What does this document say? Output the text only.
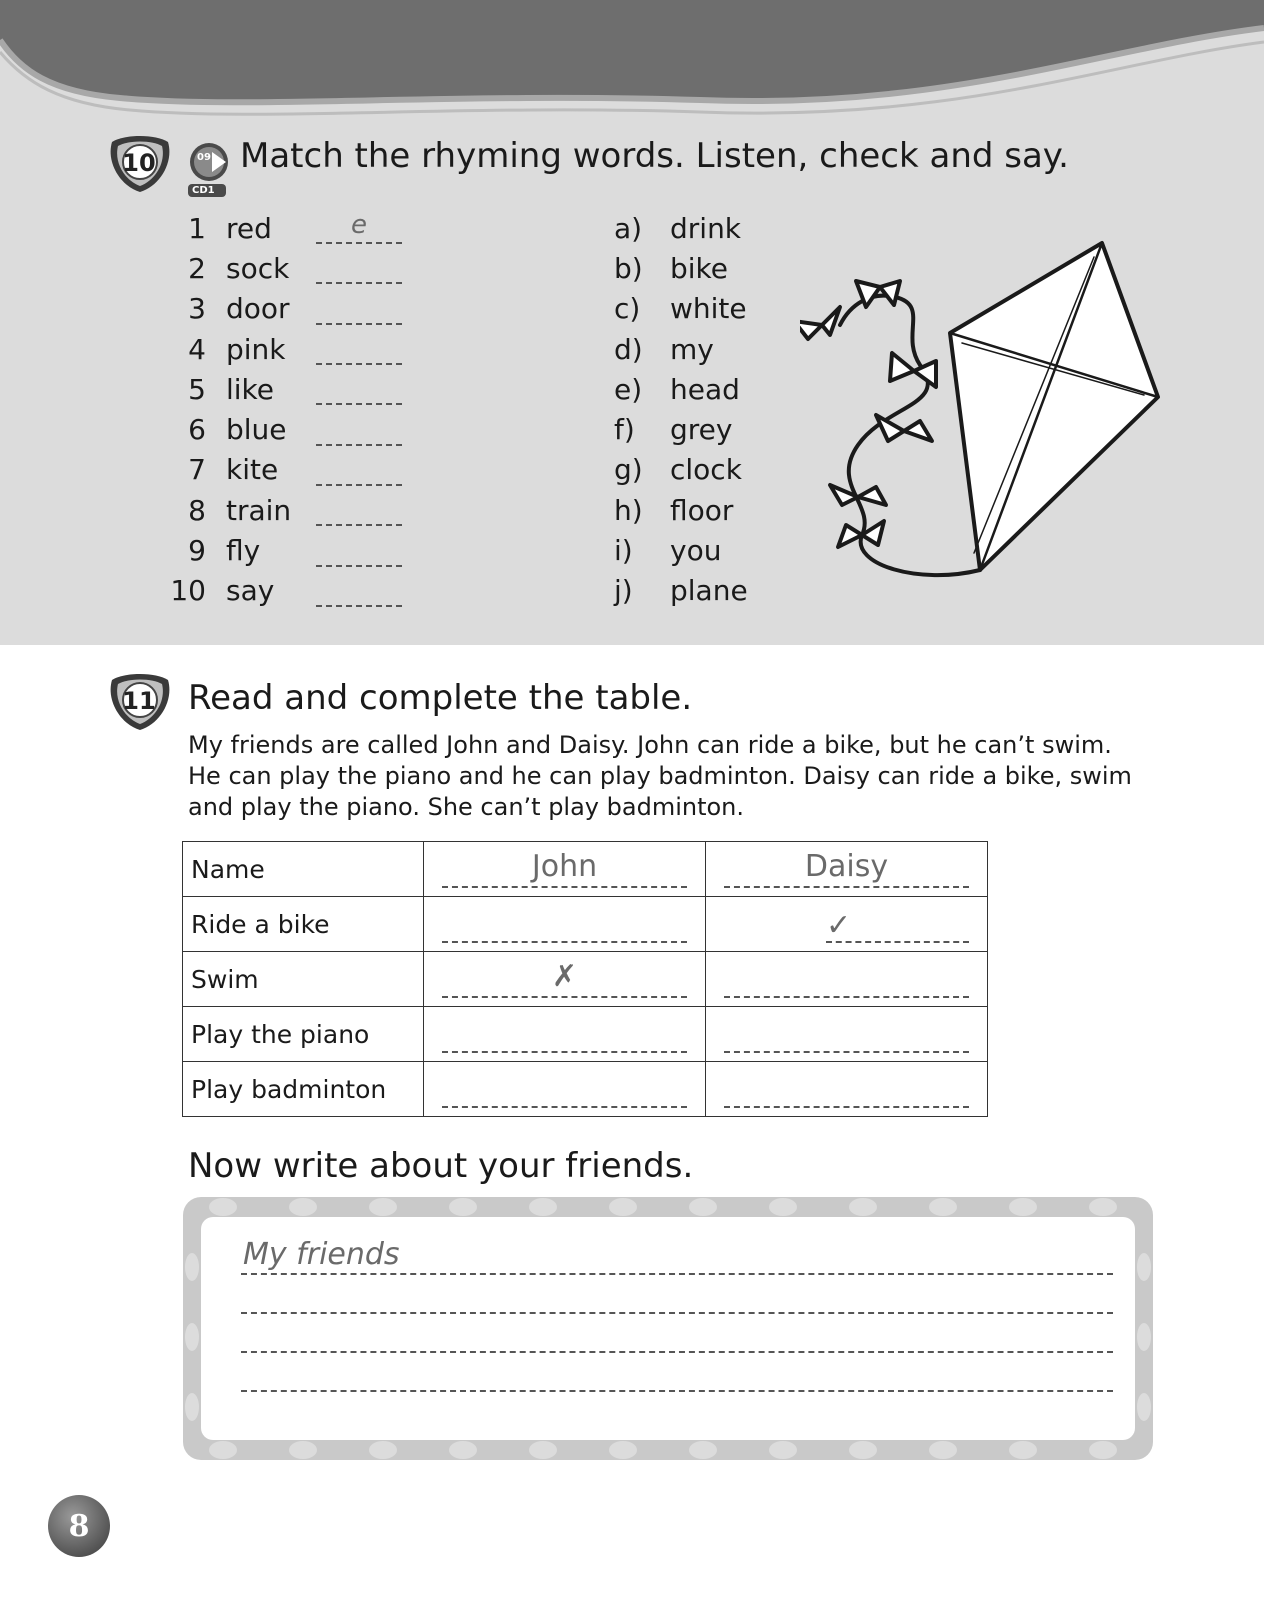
10	09
CD1
Match the rhyming words. Listen, check and say.
1 red	e
2 sock
3 door
4 pink
5 like
6 blue
7 kite
8 train
9 fly
10 say
a) drink
b) bike
c)	white
d) my
e) head
f)	grey
g) clock
h) floor
i)	you
j)	plane
11 Read and complete the table.
My friends are called John and Daisy. John can ride a bike, but he can’t swim. He can play the piano and he can play badminton. Daisy can ride a bike, swim and play the piano. She can’t play badminton.
Name	John	Daisy

Ride a bike		✓

Swim	✗	

Play the piano	

Play badminton	

Now write about your friends.
My friends
8
